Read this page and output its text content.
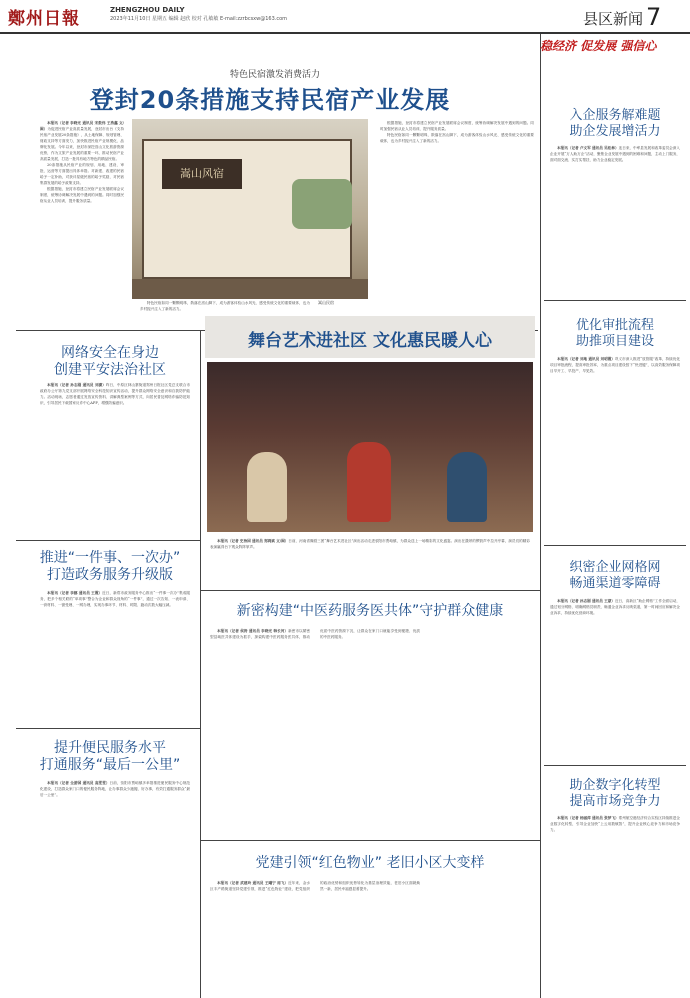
鄭州日報	ZHENGZHOU DAILY
2023年11月10日 星期五 编辑 赵欣 校对 孔敏敏 E-mail:zzrbcsxw@163.com	县区新闻 7
特色民宿激发消费活力
登封20条措施支持民宿产业发展

本报讯（记者 李晓光 通讯员 宋鼓伟 王浩鑫 文/图）为促进民宿产业高质量发展，登封市出台《支持民宿产业发展20条措施》，从土地保障、规划管理、财政支持等方面发力，加快推进民宿产业规模化、品牌化发展。今年以来，登封市深挖嵩山文化旅游资源优势，作为文旅产业发展的重要一环，推动民宿产业高质量发展，打造一批具有地方特色的精品民宿。

20条措施从民宿产业的规划、用地、建设、审批、运营等方面提出具体举措。对新建、改建的民宿给予一定补助，对获评星级民宿的给予奖励，对民宿集群发展的给予政策支持。

根据措施，登封市将建立民宿产业发展联席会议制度，统筹协调解决发展中遇到的问题。同时加强民宿从业人员培训，提升服务质量。

嵩山风宿
嵩山民宿

特色民宿如同一颗颗明珠，散落在嵩山脚下，成为游客体验山水风光、感受传统文化的重要载体，也为乡村振兴注入了新的活力。

根据措施，登封市将建立民宿产业发展联席会议制度，统筹协调解决发展中遇到的问题。同时加强民宿从业人员培训，提升服务质量。

特色民宿如同一颗颗明珠，散落在嵩山脚下，成为游客体验山水风光、感受传统文化的重要载体，也为乡村振兴注入了新的活力。

网络安全在身边
创建平安法治社区

本报讯（记者 孙志刚 通讯员 刘潇）昨日，中原区林山寨街道郑州日报社区党总支联合市政府办公厅第九党支部开展网络安全科技知识宣传活动，提升群众网络安全意识和自我防护能力。活动现场，志愿者通过发放宣传资料、讲解典型案例等方式，向居民普及网络诈骗防范知识，引导居民下载国家反诈中心APP，增强防骗意识。

推进“一件事、一次办”
打造政务服务升级版

本报讯（记者 李娜 通讯员 王霞）近日，新郑市政务服务中心推出“一件事一次办”集成服务，把多个相关联的“单项事”整合为企业和群众视角的“一件事”，通过一次告知、一表申请、一套材料、一窗受理、一网办理，实现办事环节、材料、时限、跑动次数大幅压减。

提升便民服务水平
打通服务“最后一公里”

本报讯（记者 全游国 通讯员 高雯雯）日前，荥阳市贾峪镇多举措推进便民服务中心规范化建设，打造群众家门口的便民服务阵地，让办事群众少跑腿、好办事，有效打通服务群众“最后一公里”。

舞台艺术进社区 文化惠民暖人心

本报讯（记者 史治国 通讯员 郑鸿斌 文/图）日前，河南省豫剧三团“舞台艺术进社区”演出活动走进荥阳市贾峪镇，为群众送上一场精彩的文化盛宴。演出在激昂的锣鼓声中拉开序幕，演员们的精彩表演赢得台下观众阵阵掌声。

新密构建“中医药服务医共体”守护群众健康

本报讯（记者 侯涛 通讯员 李晓光 韩长河）新密市以紧密型县域医共体建设为抓手，探索构建中医药服务医共体，推动优质中医药资源下沉，让群众在家门口就能享受到便捷、优质的中医药服务。

党建引领“红色物业” 老旧小区大变样

本报讯（记者 武建玲 通讯员 王曦宁 周飞）近年来，金水区丰产路街道坚持党建引领，推进“红色物业”建设，把党组织的政治优势和组织优势转化为基层治理效能，老旧小区面貌焕然一新，居民幸福感显著提升。

稳经济 促发展 强信心
入企服务解难题
助企发展增活力

本报讯（记者 卢文军 通讯员 吴松林）连日来，中牟县发展和改革委员会深入企业开展“万人助万企”活动，聚焦企业发展中遇到的困难和问题，主动上门服务，面对面交流、实打实帮扶，助力企业稳定发展。

优化审批流程
助推项目建设

本报讯（记者 刘地 通讯员 刘明霞）巩义市深入推进“放管服”改革，持续优化项目审批流程，提高审批效率，为重点项目建设按下“快进键”，以高效服务保障项目早开工、早投产、早见效。

织密企业网格网
畅通渠道零障碍

本报讯（记者 孙志刚 通讯员 王蒙）近日，高新区“助企网格”工作全面启动，通过划分网格、明确网格员职责，畅通企业诉求反映渠道，第一时间回应和解决企业诉求，持续优化营商环境。

助企数字化转型
提高市场竞争力

本报讯（记者 杨丽萍 通讯员 张梦飞）郑州航空港经济综合实验区持续推进企业数字化转型，引导企业加快“上云用数赋智”，提升企业核心竞争力和市场竞争力。
